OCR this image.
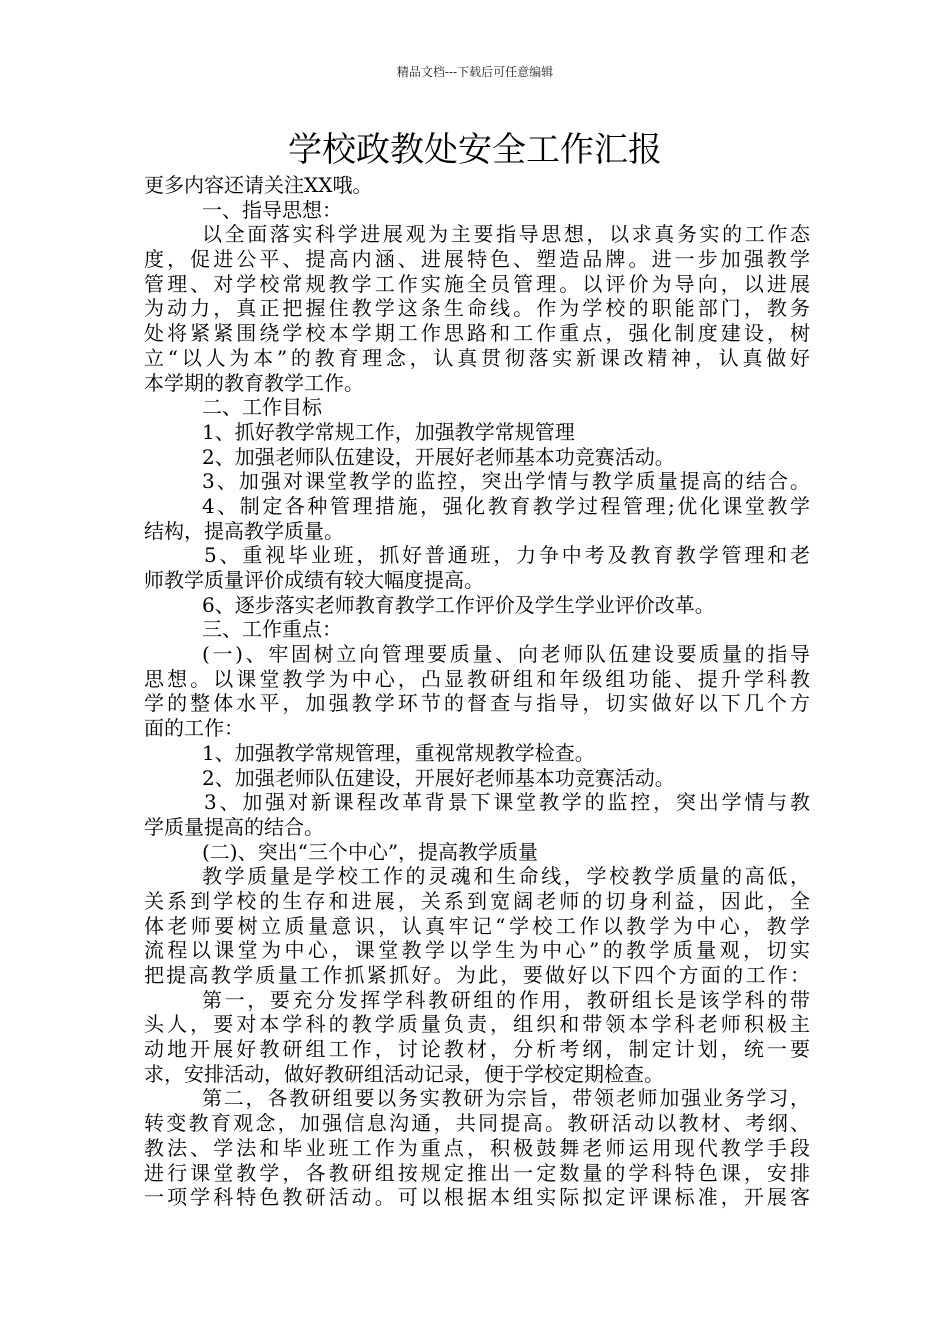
精品文档---下载后可任意编辑
学校政教处安全工作汇报
更多内容还请关注XX哦。
一、指导思想：
以全面落实科学进展观为主要指导思想，以求真务实的工作态
度，促进公平、提高内涵、进展特色、塑造品牌。进一步加强教学
管理、对学校常规教学工作实施全员管理。以评价为导向，以进展
为动力，真正把握住教学这条生命线。作为学校的职能部门，教务
处将紧紧围绕学校本学期工作思路和工作重点，强化制度建设，树
立“以人为本”的教育理念，认真贯彻落实新课改精神，认真做好
本学期的教育教学工作。
二、工作目标
1、抓好教学常规工作，加强教学常规管理
2、加强老师队伍建设，开展好老师基本功竞赛活动。
3、加强对课堂教学的监控，突出学情与教学质量提高的结合。
4、制定各种管理措施，强化教育教学过程管理;优化课堂教学
结构，提高教学质量。
5、重视毕业班，抓好普通班，力争中考及教育教学管理和老
师教学质量评价成绩有较大幅度提高。
6、逐步落实老师教育教学工作评价及学生学业评价改革。
三、工作重点：
(一)、牢固树立向管理要质量、向老师队伍建设要质量的指导
思想。以课堂教学为中心，凸显教研组和年级组功能、提升学科教
学的整体水平，加强教学环节的督查与指导，切实做好以下几个方
面的工作：
1、加强教学常规管理，重视常规教学检查。
2、加强老师队伍建设，开展好老师基本功竞赛活动。
3、加强对新课程改革背景下课堂教学的监控，突出学情与教
学质量提高的结合。
(二)、突出“三个中心”，提高教学质量
教学质量是学校工作的灵魂和生命线，学校教学质量的高低，
关系到学校的生存和进展，关系到宽阔老师的切身利益，因此，全
体老师要树立质量意识，认真牢记“学校工作以教学为中心，教学
流程以课堂为中心，课堂教学以学生为中心”的教学质量观，切实
把提高教学质量工作抓紧抓好。为此，要做好以下四个方面的工作：
第一，要充分发挥学科教研组的作用，教研组长是该学科的带
头人，要对本学科的教学质量负责，组织和带领本学科老师积极主
动地开展好教研组工作，讨论教材，分析考纲，制定计划，统一要
求，安排活动，做好教研组活动记录，便于学校定期检查。
第二，各教研组要以务实教研为宗旨，带领老师加强业务学习，
转变教育观念，加强信息沟通，共同提高。教研活动以教材、考纲、
教法、学法和毕业班工作为重点，积极鼓舞老师运用现代教学手段
进行课堂教学，各教研组按规定推出一定数量的学科特色课，安排
一项学科特色教研活动。可以根据本组实际拟定评课标准，开展客
